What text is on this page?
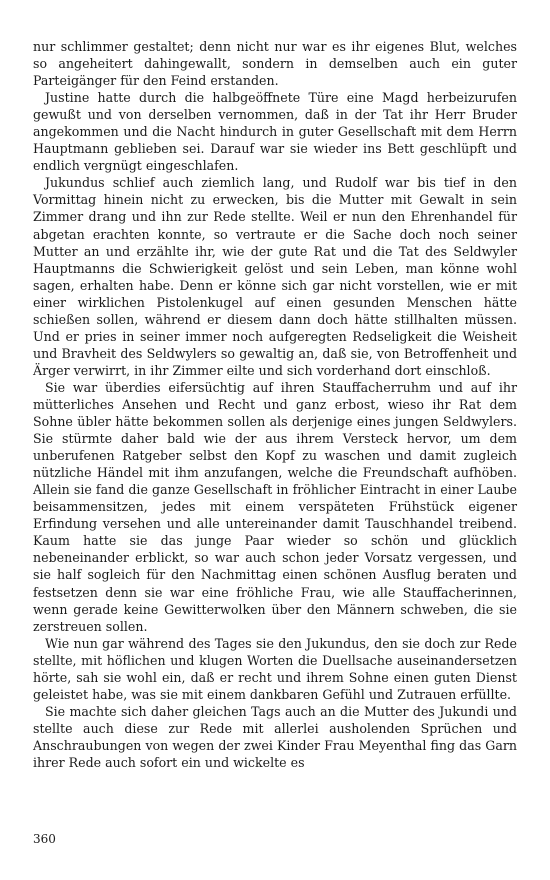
nur schlimmer gestaltet; denn nicht nur war es ihr eigenes Blut, welches so angeheitert dahingewallt, sondern in demselben auch ein guter Parteigänger für den Feind erstanden.

Justine hatte durch die halbgeöffnete Türe eine Magd herbeizurufen gewußt und von derselben vernommen, daß in der Tat ihr Herr Bruder angekommen und die Nacht hindurch in guter Gesellschaft mit dem Herrn Hauptmann geblieben sei. Darauf war sie wieder ins Bett geschlüpft und endlich vergnügt eingeschlafen.

Jukundus schlief auch ziemlich lang, und Rudolf war bis tief in den Vormittag hinein nicht zu erwecken, bis die Mutter mit Gewalt in sein Zimmer drang und ihn zur Rede stellte. Weil er nun den Ehrenhandel für abgetan erachten konnte, so vertraute er die Sache doch noch seiner Mutter an und erzählte ihr, wie der gute Rat und die Tat des Seldwyler Hauptmanns die Schwierigkeit gelöst und sein Leben, man könne wohl sagen, erhalten habe. Denn er könne sich gar nicht vorstellen, wie er mit einer wirklichen Pistolenkugel auf einen gesunden Menschen hätte schießen sollen, während er diesem dann doch hätte stillhalten müssen. Und er pries in seiner immer noch aufgeregten Redseligkeit die Weisheit und Bravheit des Seldwylers so gewaltig an, daß sie, von Betroffenheit und Ärger verwirrt, in ihr Zimmer eilte und sich vorderhand dort einschloß.

Sie war überdies eifersüchtig auf ihren Stauffacherruhm und auf ihr mütterliches Ansehen und Recht und ganz erbost, wieso ihr Rat dem Sohne übler hätte bekommen sollen als derjenige eines jungen Seldwylers. Sie stürmte daher bald wie der aus ihrem Versteck hervor, um dem unberufenen Ratgeber selbst den Kopf zu waschen und damit zugleich nützliche Händel mit ihm anzufangen, welche die Freundschaft aufhöben. Allein sie fand die ganze Gesellschaft in fröhlicher Eintracht in einer Laube beisammensitzen, jedes mit einem verspäteten Frühstück eigener Erfindung versehen und alle untereinander damit Tauschhandel treibend. Kaum hatte sie das junge Paar wieder so schön und glücklich nebeneinander erblickt, so war auch schon jeder Vorsatz vergessen, und sie half sogleich für den Nachmittag einen schönen Ausflug beraten und festsetzen denn sie war eine fröhliche Frau, wie alle Stauffacherinnen, wenn gerade keine Gewitterwolken über den Männern schweben, die sie zerstreuen sollen.

Wie nun gar während des Tages sie den Jukundus, den sie doch zur Rede stellte, mit höflichen und klugen Worten die Duellsache auseinandersetzen hörte, sah sie wohl ein, daß er recht und ihrem Sohne einen guten Dienst geleistet habe, was sie mit einem dankbaren Gefühl und Zutrauen erfüllte.

Sie machte sich daher gleichen Tags auch an die Mutter des Jukundi und stellte auch diese zur Rede mit allerlei ausholenden Sprüchen und Anschraubungen von wegen der zwei Kinder Frau Meyenthal fing das Garn ihrer Rede auch sofort ein und wickelte es

360
